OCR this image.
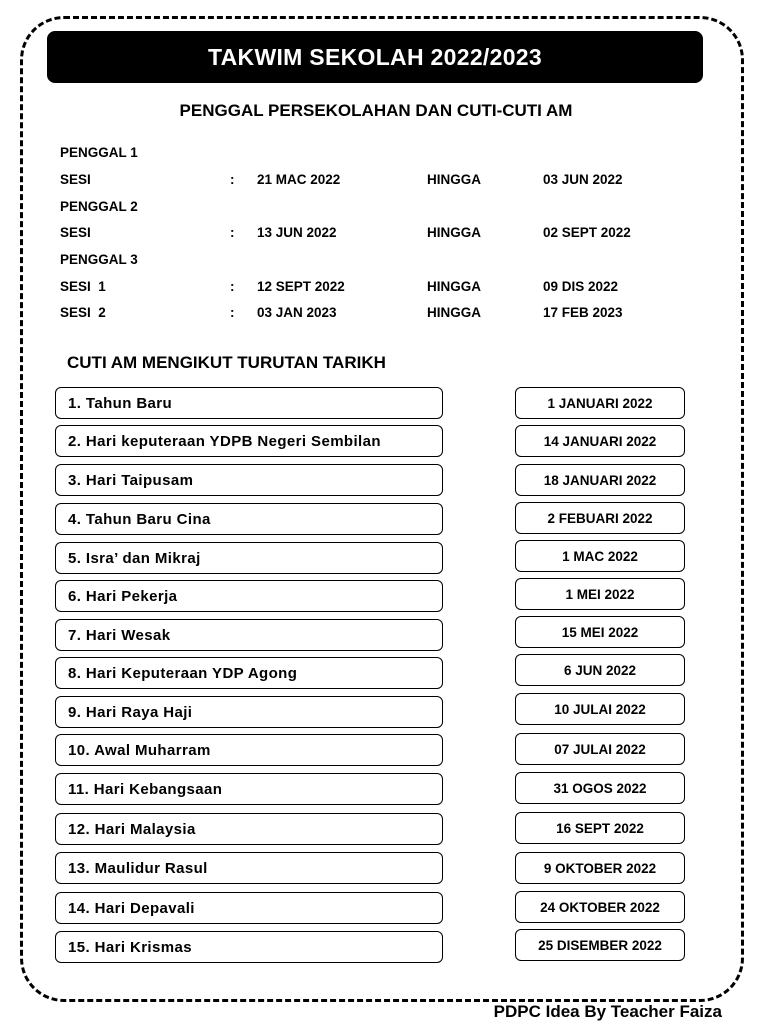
TAKWIM SEKOLAH 2022/2023
PENGGAL PERSEKOLAHAN DAN CUTI-CUTI AM
PENGGAL 1
SESI	: 21 MAC 2022	HINGGA	03 JUN 2022
PENGGAL 2
SESI	: 13 JUN 2022	HINGGA	02 SEPT 2022
PENGGAL 3
SESI  1	: 12 SEPT 2022	HINGGA	09 DIS 2022
SESI  2	: 03 JAN 2023	HINGGA	17 FEB 2023
CUTI AM MENGIKUT TURUTAN TARIKH
1. Tahun Baru	1 JANUARI 2022
2. Hari keputeraan YDPB Negeri Sembilan	14 JANUARI 2022
3. Hari Taipusam	18 JANUARI 2022
4. Tahun Baru Cina	2 FEBUARI 2022
5. Isra’ dan Mikraj	1 MAC 2022
6. Hari Pekerja	1 MEI 2022
7. Hari Wesak	15 MEI 2022
8. Hari Keputeraan YDP Agong	6 JUN 2022
9. Hari Raya Haji	10 JULAI 2022
10. Awal Muharram	07 JULAI 2022
11. Hari Kebangsaan	31 OGOS 2022
12. Hari Malaysia	16 SEPT 2022
13. Maulidur Rasul	9 OKTOBER 2022
14. Hari Depavali	24 OKTOBER 2022
15. Hari Krismas	25 DISEMBER 2022
PDPC Idea By Teacher Faiza
